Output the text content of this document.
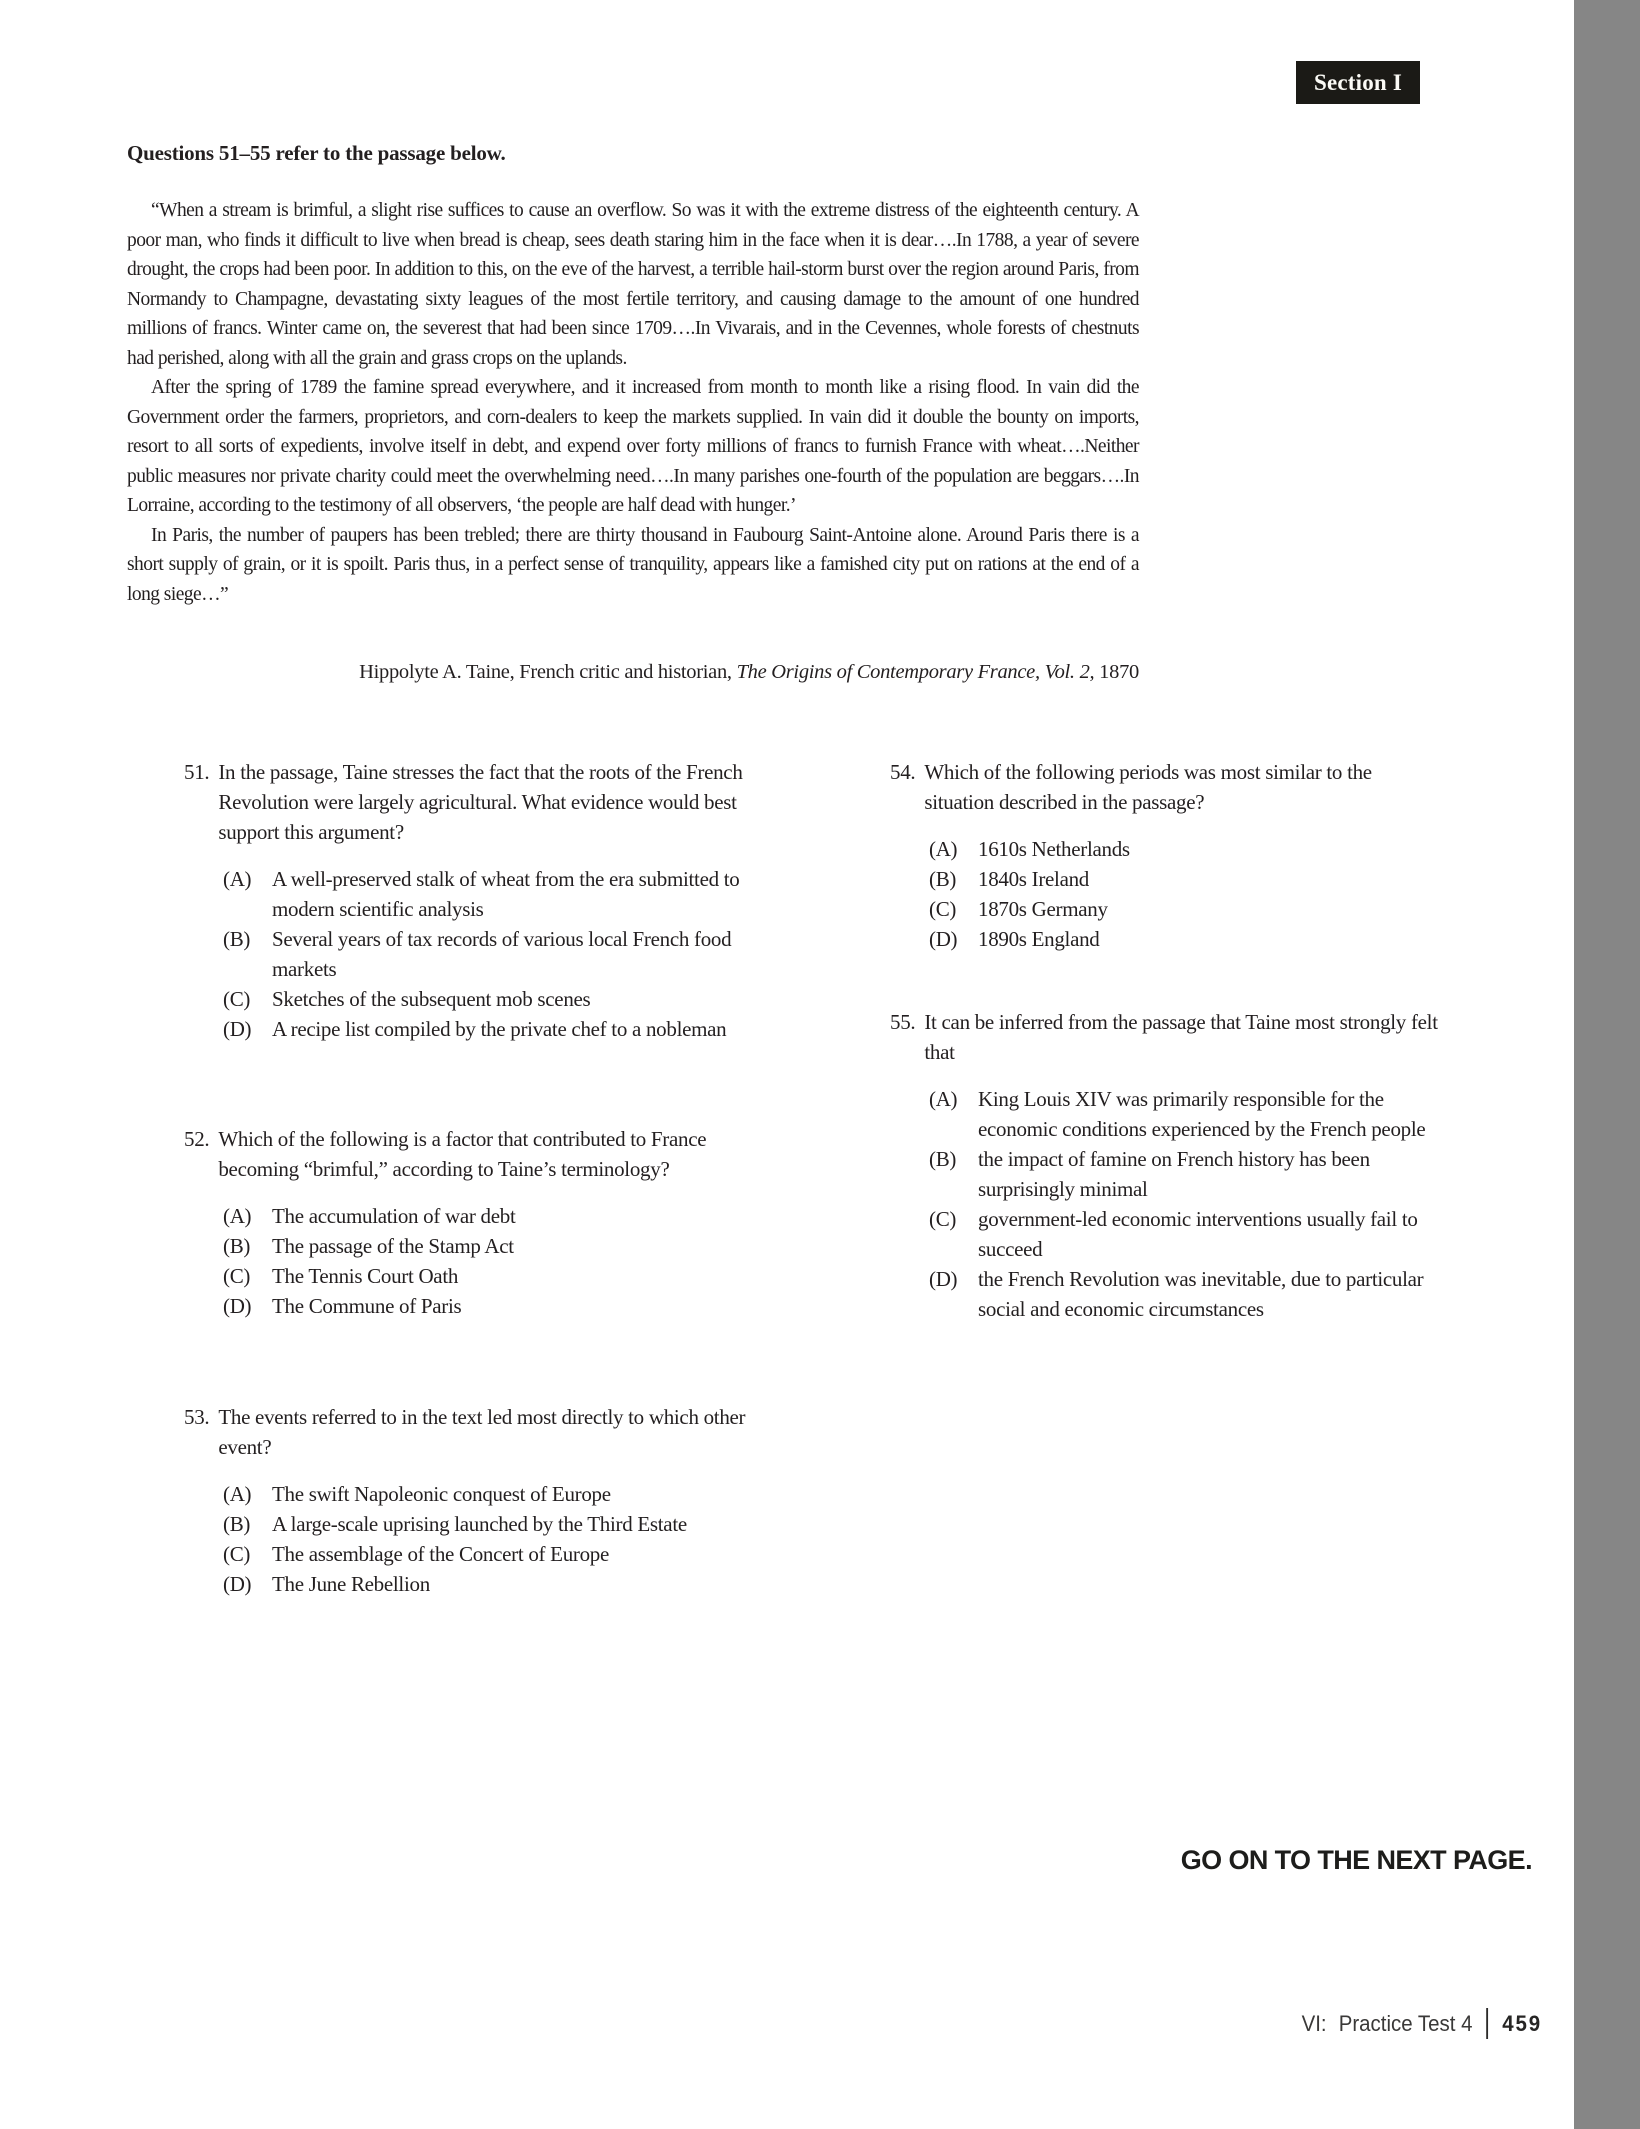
Section I
Questions 51–55 refer to the passage below.

“When a stream is brimful, a slight rise suffices to cause an overflow. So was it with the extreme distress of the eighteenth century. A poor man, who finds it difficult to live when bread is cheap, sees death staring him in the face when it is dear….In 1788, a year of severe drought, the crops had been poor. In addition to this, on the eve of the harvest, a terrible hail-storm burst over the region around Paris, from Normandy to Champagne, devastating sixty leagues of the most fertile territory, and causing damage to the amount of one hundred millions of francs. Winter came on, the severest that had been since 1709….In Vivarais, and in the Cevennes, whole forests of chestnuts had perished, along with all the grain and grass crops on the uplands.

After the spring of 1789 the famine spread everywhere, and it increased from month to month like a rising flood. In vain did the Government order the farmers, proprietors, and corn-dealers to keep the markets supplied. In vain did it double the bounty on imports, resort to all sorts of expedients, involve itself in debt, and expend over forty millions of francs to furnish France with wheat….Neither public measures nor private charity could meet the overwhelming need….In many parishes one-fourth of the population are beggars….In Lorraine, according to the testimony of all observers, ‘the people are half dead with hunger.’

In Paris, the number of paupers has been trebled; there are thirty thousand in Faubourg Saint-Antoine alone. Around Paris there is a short supply of grain, or it is spoilt. Paris thus, in a perfect sense of tranquility, appears like a famished city put on rations at the end of a long siege…”

Hippolyte A. Taine, French critic and historian, The Origins of Contemporary France, Vol. 2, 1870
51. In the passage, Taine stresses the fact that the roots of the French Revolution were largely agricultural. What evidence would best support this argument?
(A) A well-preserved stalk of wheat from the era submitted to modern scientific analysis
(B)	Several years of tax records of various local French food markets
(C)	Sketches of the subsequent mob scenes
(D) A recipe list compiled by the private chef to a nobleman
52. Which of the following is a factor that contributed to France becoming “brimful,” according to Taine’s terminology?
(A) The accumulation of war debt
(B)	The passage of the Stamp Act
(C)	The Tennis Court Oath
(D) The Commune of Paris
53. The events referred to in the text led most directly to which other event?
(A) The swift Napoleonic conquest of Europe
(B)	A large-scale uprising launched by the Third Estate
(C)	The assemblage of the Concert of Europe
(D) The June Rebellion
54. Which of the following periods was most similar to the situation described in the passage?
(A) 1610s Netherlands
(B)	1840s Ireland
(C)	1870s Germany
(D) 1890s England
55. It can be inferred from the passage that Taine most strongly felt that
(A) King Louis XIV was primarily responsible for the economic conditions experienced by the French people
(B)	the impact of famine on French history has been surprisingly minimal
(C)	government-led economic interventions usually fail to succeed
(D) the French Revolution was inevitable, due to particular social and economic circumstances
GO ON TO THE NEXT PAGE.
VI: Practice Test 4 459
